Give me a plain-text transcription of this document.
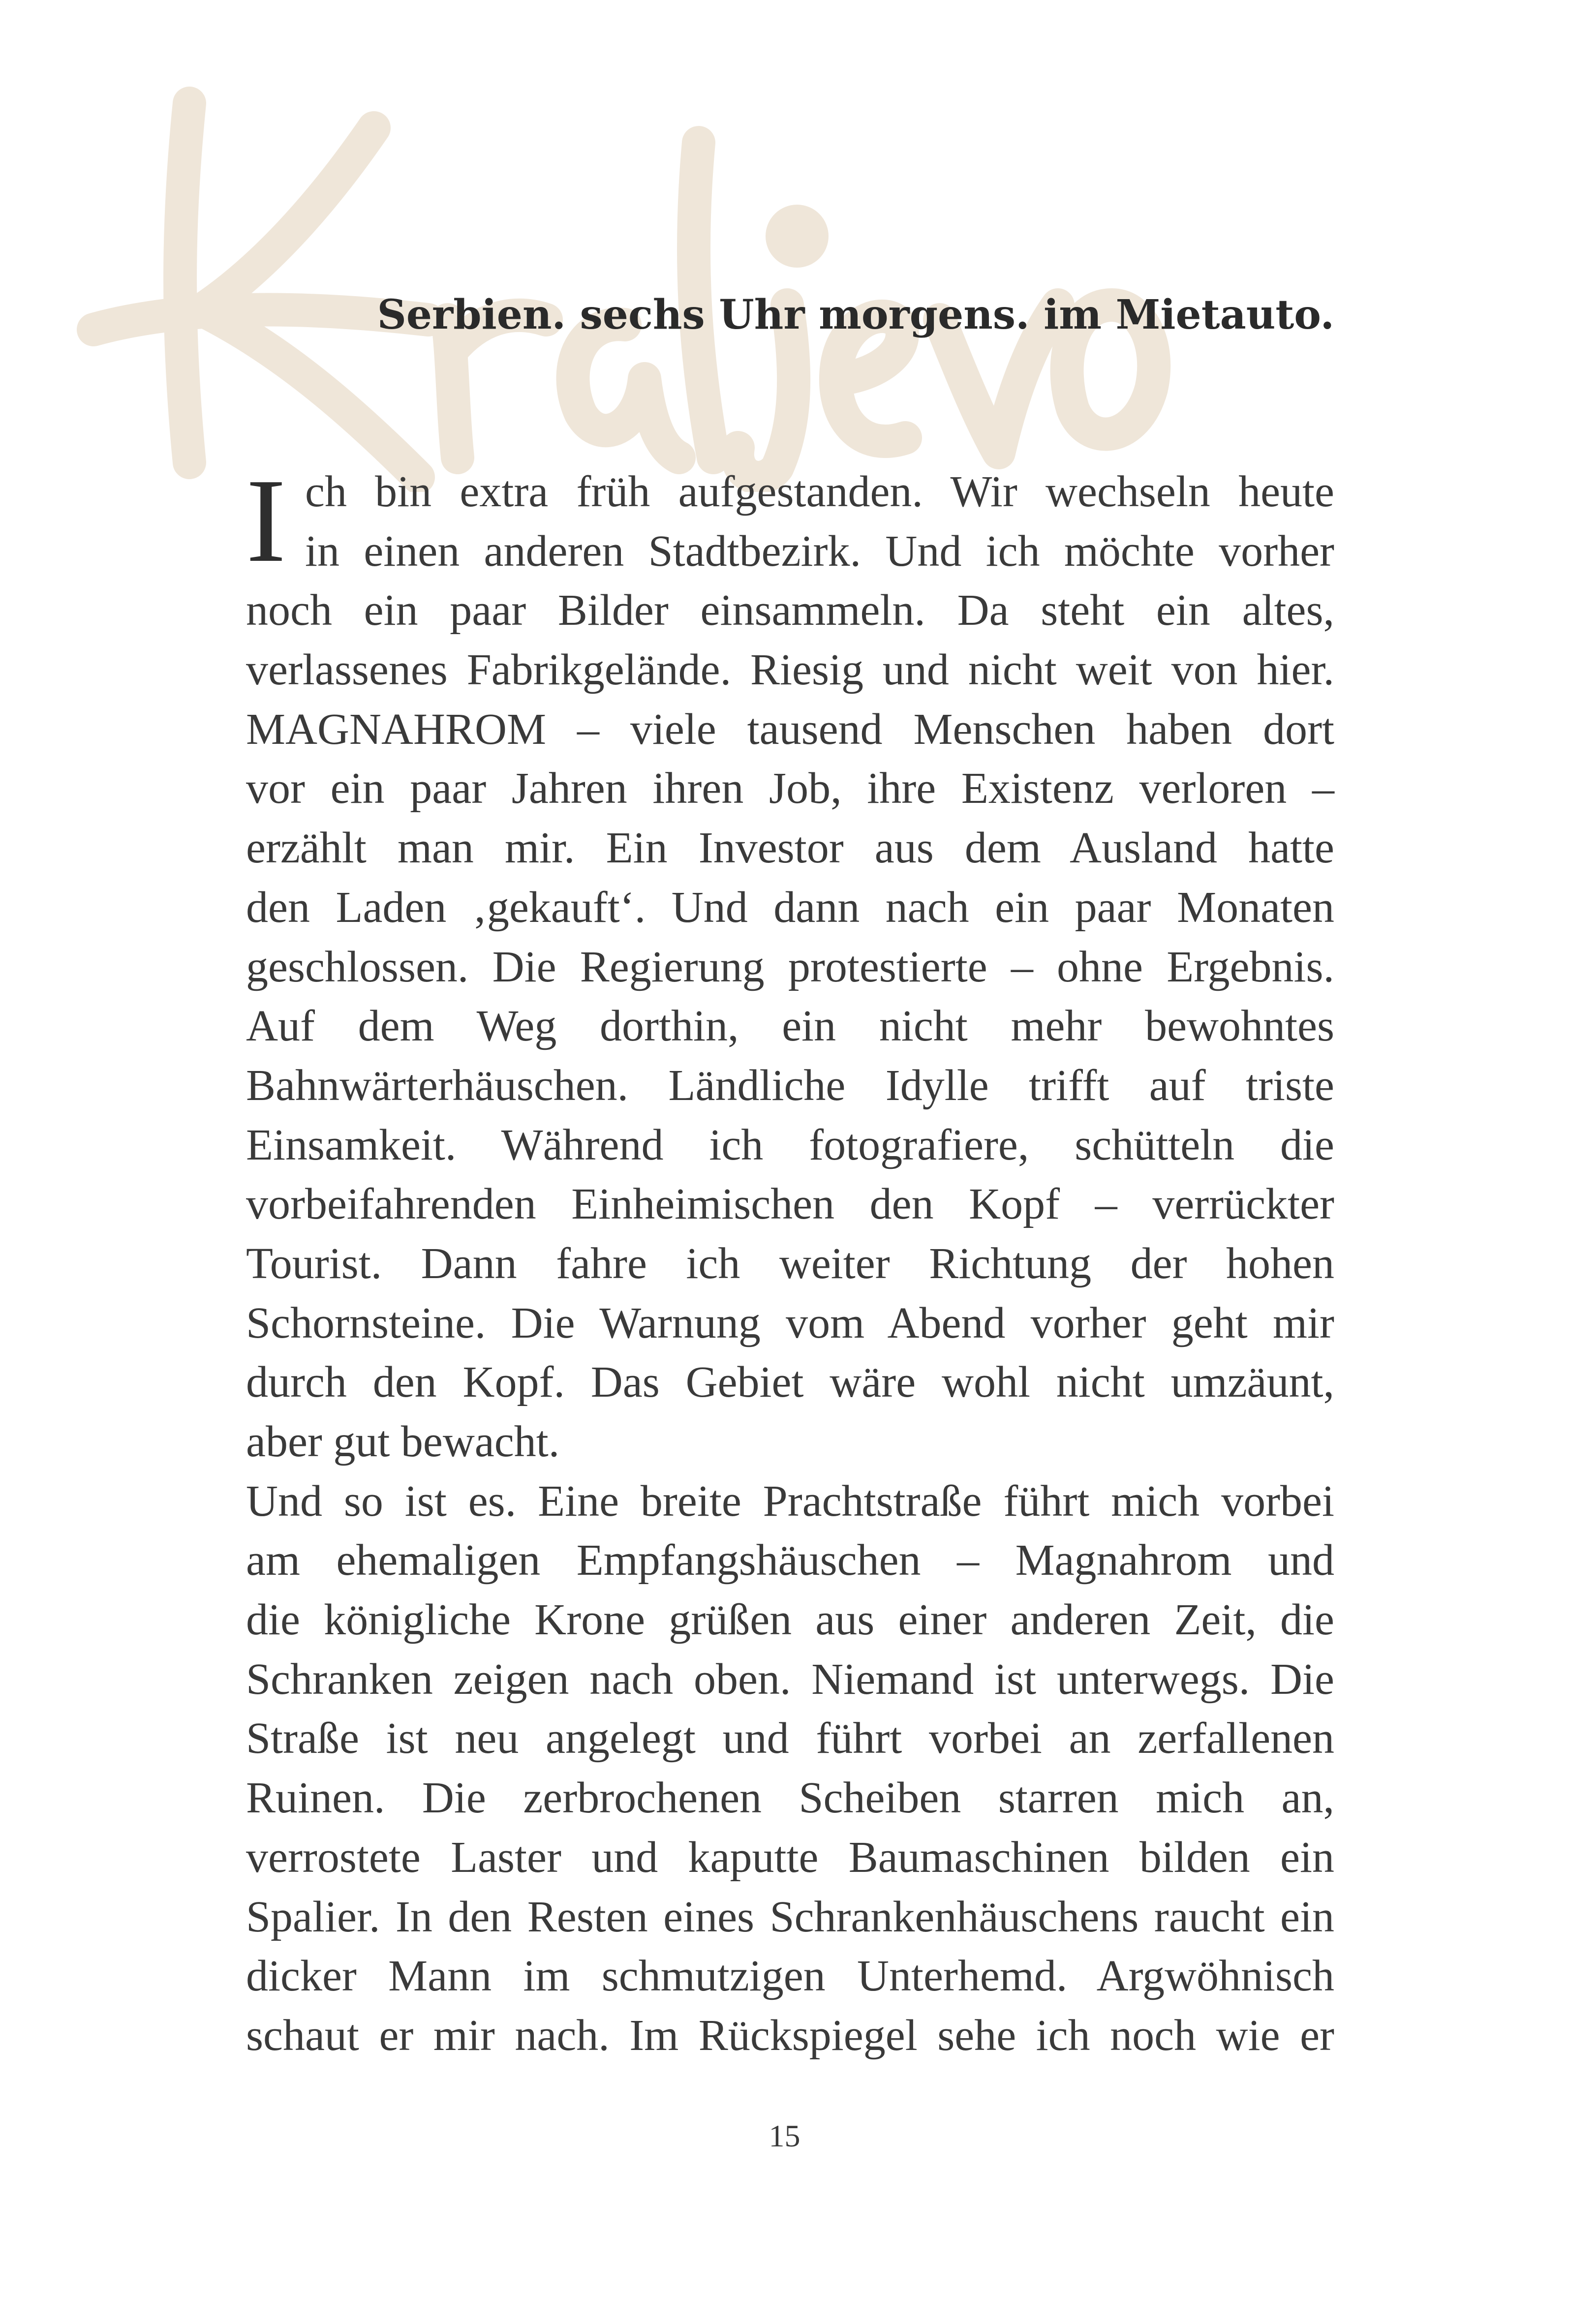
Serbien. sechs Uhr morgens. im Mietauto.
I ch bin extra früh aufgestanden. Wir wechseln heute
in einen anderen Stadtbezirk. Und ich möchte vorher
noch ein paar Bilder einsammeln. Da steht ein altes,
verlassenes Fabrikgelände. Riesig und nicht weit von hier.
MAGNAHROM – viele tausend Menschen haben dort
vor ein paar Jahren ihren Job, ihre Existenz verloren –
erzählt man mir. Ein Investor aus dem Ausland hatte
den Laden ‚gekauft‘. Und dann nach ein paar Monaten
geschlossen. Die Regierung protestierte – ohne Ergebnis.
Auf dem Weg dorthin, ein nicht mehr bewohntes
Bahnwärterhäuschen. Ländliche Idylle trifft auf triste
Einsamkeit. Während ich fotografiere, schütteln die
vorbeifahrenden Einheimischen den Kopf – verrückter
Tourist. Dann fahre ich weiter Richtung der hohen
Schornsteine. Die Warnung vom Abend vorher geht mir
durch den Kopf. Das Gebiet wäre wohl nicht umzäunt,
aber gut bewacht.
Und so ist es. Eine breite Prachtstraße führt mich vorbei
am ehemaligen Empfangshäuschen – Magnahrom und
die königliche Krone grüßen aus einer anderen Zeit, die
Schranken zeigen nach oben. Niemand ist unterwegs. Die
Straße ist neu angelegt und führt vorbei an zerfallenen
Ruinen. Die zerbrochenen Scheiben starren mich an,
verrostete Laster und kaputte Baumaschinen bilden ein
Spalier. In den Resten eines Schrankenhäuschens raucht ein
dicker Mann im schmutzigen Unterhemd. Argwöhnisch
schaut er mir nach. Im Rückspiegel sehe ich noch wie er
15
